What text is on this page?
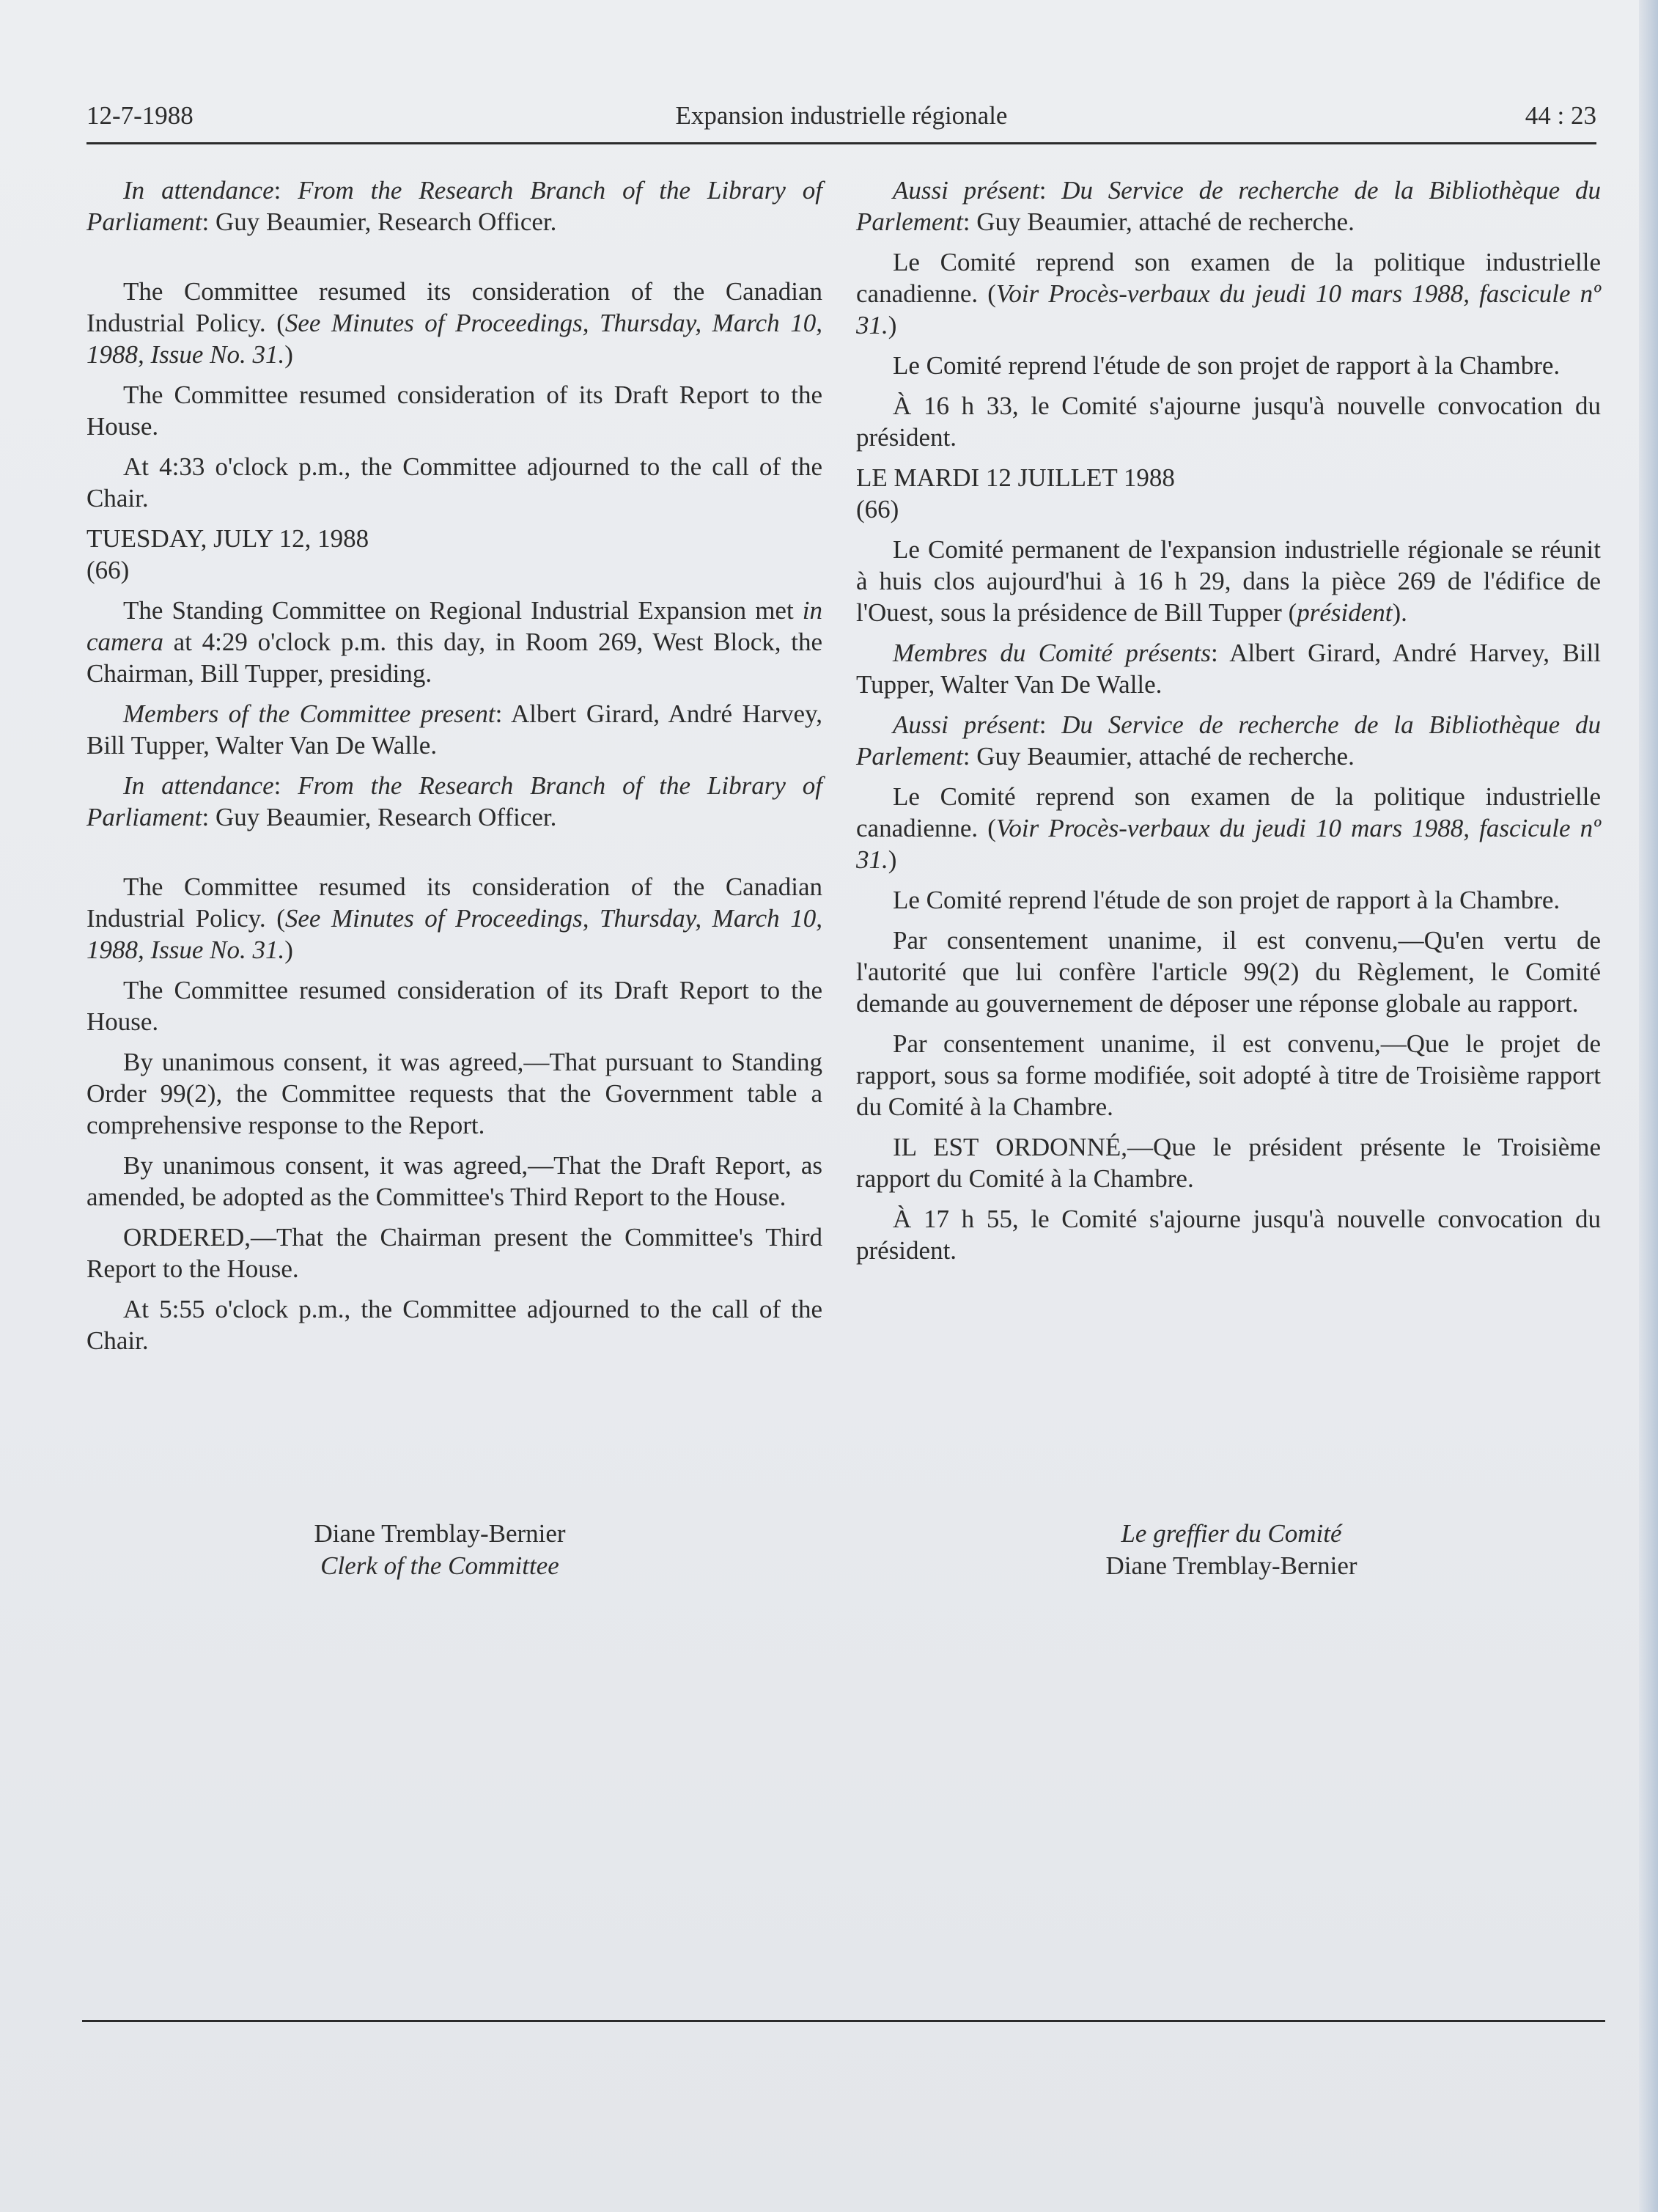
12-7-1988	Expansion industrielle régionale	44 : 23

In attendance: From the Research Branch of the Library of Parliament: Guy Beaumier, Research Officer.

The Committee resumed its consideration of the Canadian Industrial Policy. (See Minutes of Proceedings, Thursday, March 10, 1988, Issue No. 31.)

The Committee resumed consideration of its Draft Report to the House.

At 4:33 o'clock p.m., the Committee adjourned to the call of the Chair.

TUESDAY, JULY 12, 1988

(66)

The Standing Committee on Regional Industrial Expansion met in camera at 4:29 o'clock p.m. this day, in Room 269, West Block, the Chairman, Bill Tupper, presiding.

Members of the Committee present: Albert Girard, André Harvey, Bill Tupper, Walter Van De Walle.

In attendance: From the Research Branch of the Library of Parliament: Guy Beaumier, Research Officer.

The Committee resumed its consideration of the Canadian Industrial Policy. (See Minutes of Proceedings, Thursday, March 10, 1988, Issue No. 31.)

The Committee resumed consideration of its Draft Report to the House.

By unanimous consent, it was agreed,—That pursuant to Standing Order 99(2), the Committee requests that the Government table a comprehensive response to the Report.

By unanimous consent, it was agreed,—That the Draft Report, as amended, be adopted as the Committee's Third Report to the House.

ORDERED,—That the Chairman present the Committee's Third Report to the House.

At 5:55 o'clock p.m., the Committee adjourned to the call of the Chair.

Aussi présent: Du Service de recherche de la Bibliothèque du Parlement: Guy Beaumier, attaché de recherche.

Le Comité reprend son examen de la politique industrielle canadienne. (Voir Procès-verbaux du jeudi 10 mars 1988, fascicule nº 31.)

Le Comité reprend l'étude de son projet de rapport à la Chambre.

À 16 h 33, le Comité s'ajourne jusqu'à nouvelle convocation du président.

LE MARDI 12 JUILLET 1988

(66)

Le Comité permanent de l'expansion industrielle régionale se réunit à huis clos aujourd'hui à 16 h 29, dans la pièce 269 de l'édifice de l'Ouest, sous la présidence de Bill Tupper (président).

Membres du Comité présents: Albert Girard, André Harvey, Bill Tupper, Walter Van De Walle.

Aussi présent: Du Service de recherche de la Bibliothèque du Parlement: Guy Beaumier, attaché de recherche.

Le Comité reprend son examen de la politique industrielle canadienne. (Voir Procès-verbaux du jeudi 10 mars 1988, fascicule nº 31.)

Le Comité reprend l'étude de son projet de rapport à la Chambre.

Par consentement unanime, il est convenu,—Qu'en vertu de l'autorité que lui confère l'article 99(2) du Règlement, le Comité demande au gouvernement de déposer une réponse globale au rapport.

Par consentement unanime, il est convenu,—Que le projet de rapport, sous sa forme modifiée, soit adopté à titre de Troisième rapport du Comité à la Chambre.

IL EST ORDONNÉ,—Que le président présente le Troisième rapport du Comité à la Chambre.

À 17 h 55, le Comité s'ajourne jusqu'à nouvelle convocation du président.

Diane Tremblay-Bernier
Clerk of the Committee
Le greffier du Comité
Diane Tremblay-Bernier
